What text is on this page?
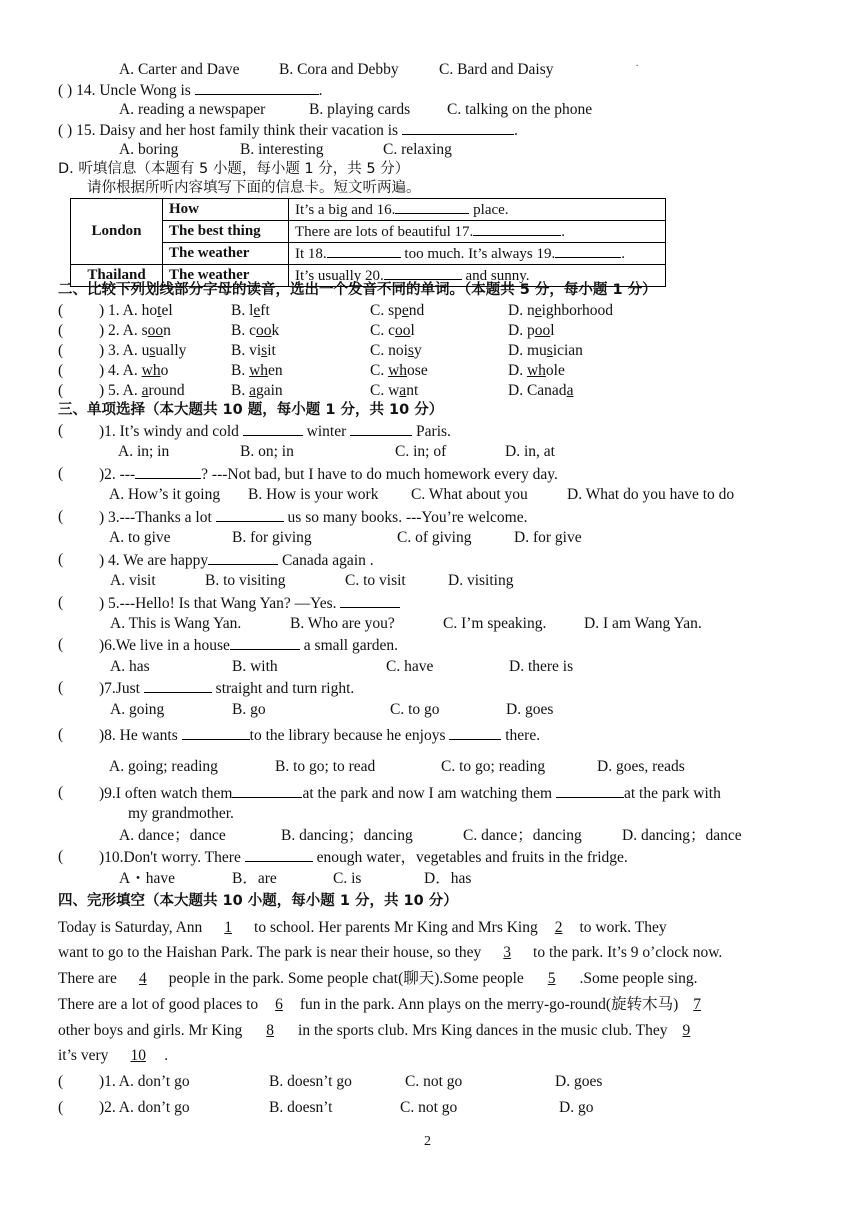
.
A. Carter and Dave	B. Cora and Debby	C. Bard and Daisy
( ) 14. Uncle Wong is	.
A. reading a newspaper	B. playing cards C. talking on the phone
( ) 15. Daisy and her host family think their vacation is	.
A. boring	B. interesting	C. relaxing
D. 听填信息（本题有 5 小题，每小题 1 分，共 5 分）
请你根据所听内容填写下面的信息卡。短文听两遍。
London	How	It’s a big and 16. place.
	The best thing	There are lots of beautiful 17. .
	The weather	It 18. too much. It’s always 19. .
Thailand	The weather	It’s usually 20. and sunny.
二、比较下列划线部分字母的读音，选出一个发音不同的单词。（本题共 5 分，每小题 1 分）
( ) 1. A. hotel	B. left	C. spend	D. neighborhood
( ) 2. A. soon	B. cook	C. cool	D. pool
( ) 3. A. usually	B. visit	C. noisy	D. musician
( ) 4. A. who	B. when	C. whose	D. whole
( ) 5. A. around	B. again	C. want	D. Canada
三、单项选择（本大题共 10 题，每小题 1 分，共 10 分）
( )1. It’s windy and cold	winter	Paris.
A. in; in	B. on; in	C. in; of	D. in, at
( )2. ---	? ---Not bad, but I have to do much homework every day.
A. How’s it going B. How is your work C. What about you	D. What do you have to do
( ) 3.---Thanks a lot	us so many books. ---You’re welcome.
A. to give	B. for giving	C. of giving	D. for give
( ) 4. We are happy	Canada again .
A. visit	B. to visiting	C. to visit	D. visiting
( ) 5.---Hello! Is that Wang Yan? —Yes.
A. This is Wang Yan.	B. Who are you?	C. I’m speaking. D. I am Wang Yan.
( )6.We live in a house	a small garden.
A. has	B. with	C. have	D. there is
( )7.Just	straight and turn right.
A. going	B. go	C. to go	D. goes
( )8. He wants	to the library because he enjoys	there.
A. going; reading	B. to go; to read	C. to go; reading	D. goes, reads
( )9.I often watch them	at the park and now I am watching them	at the park with
my grandmother.
A. dance；dance	B. dancing；dancing	C. dance；dancing	D. dancing；dance
( )10.Don't worry. There	enough water，vegetables and fruits in the fridge.
A・have	B．are	C. is	D．has
四、完形填空（本大题共 10 小题，每小题 1 分，共 10 分）
Today is Saturday, Ann 1 to school. Her parents Mr King and Mrs King 2 to work. They
want to go to the Haishan Park. The park is near their house, so they 3 to the park. It’s 9 o’clock now.
There are 4 people in the park. Some people chat(聊天).Some people 5 .Some people sing.
There are a lot of good places to 6 fun in the park. Ann plays on the merry-go-round(旋转木马) 7
other boys and girls. Mr King 8 in the sports club. Mrs King dances in the music club. They 9
it’s very 10 .
( )1. A. don’t go	B. doesn’t go	C. not go	D. goes
( )2. A. don’t go	B. doesn’t	C. not go	D. go
2
